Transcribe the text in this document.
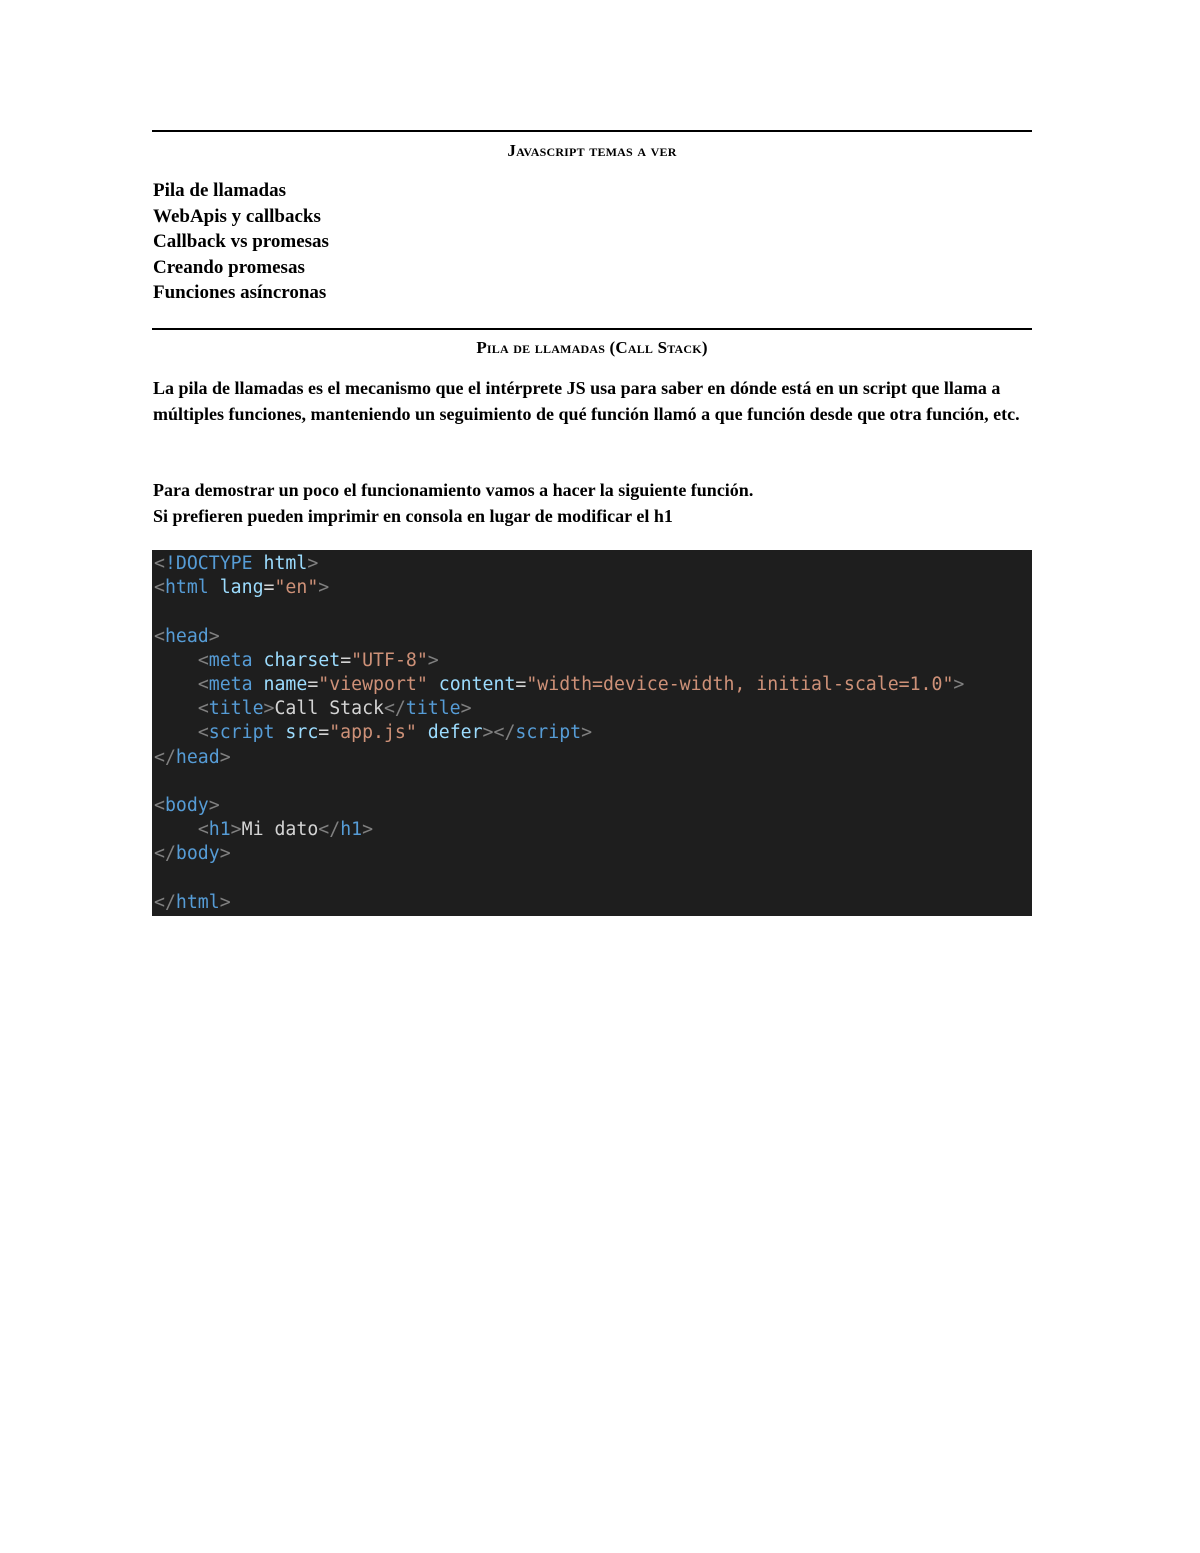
Javascript temas a ver
Pila de llamadas
WebApis y callbacks
Callback vs promesas
Creando promesas
Funciones asíncronas
Pila de llamadas (Call Stack)

La pila de llamadas es el mecanismo que el intérprete JS usa para saber en dónde está en un script que llama a múltiples funciones, manteniendo un seguimiento de qué función llamó a que función desde que otra función, etc.

Para demostrar un poco el funcionamiento vamos a hacer la siguiente función.

Si prefieren pueden imprimir en consola en lugar de modificar el h1

<!DOCTYPE html>
<html lang="en">

<head>
<meta charset="UTF-8">
<meta name="viewport" content="width=device-width, initial-scale=1.0">
<title>Call Stack</title>
<script src="app.js" defer></script>
</head>

<body>
<h1>Mi dato</h1>
</body>

</html>
